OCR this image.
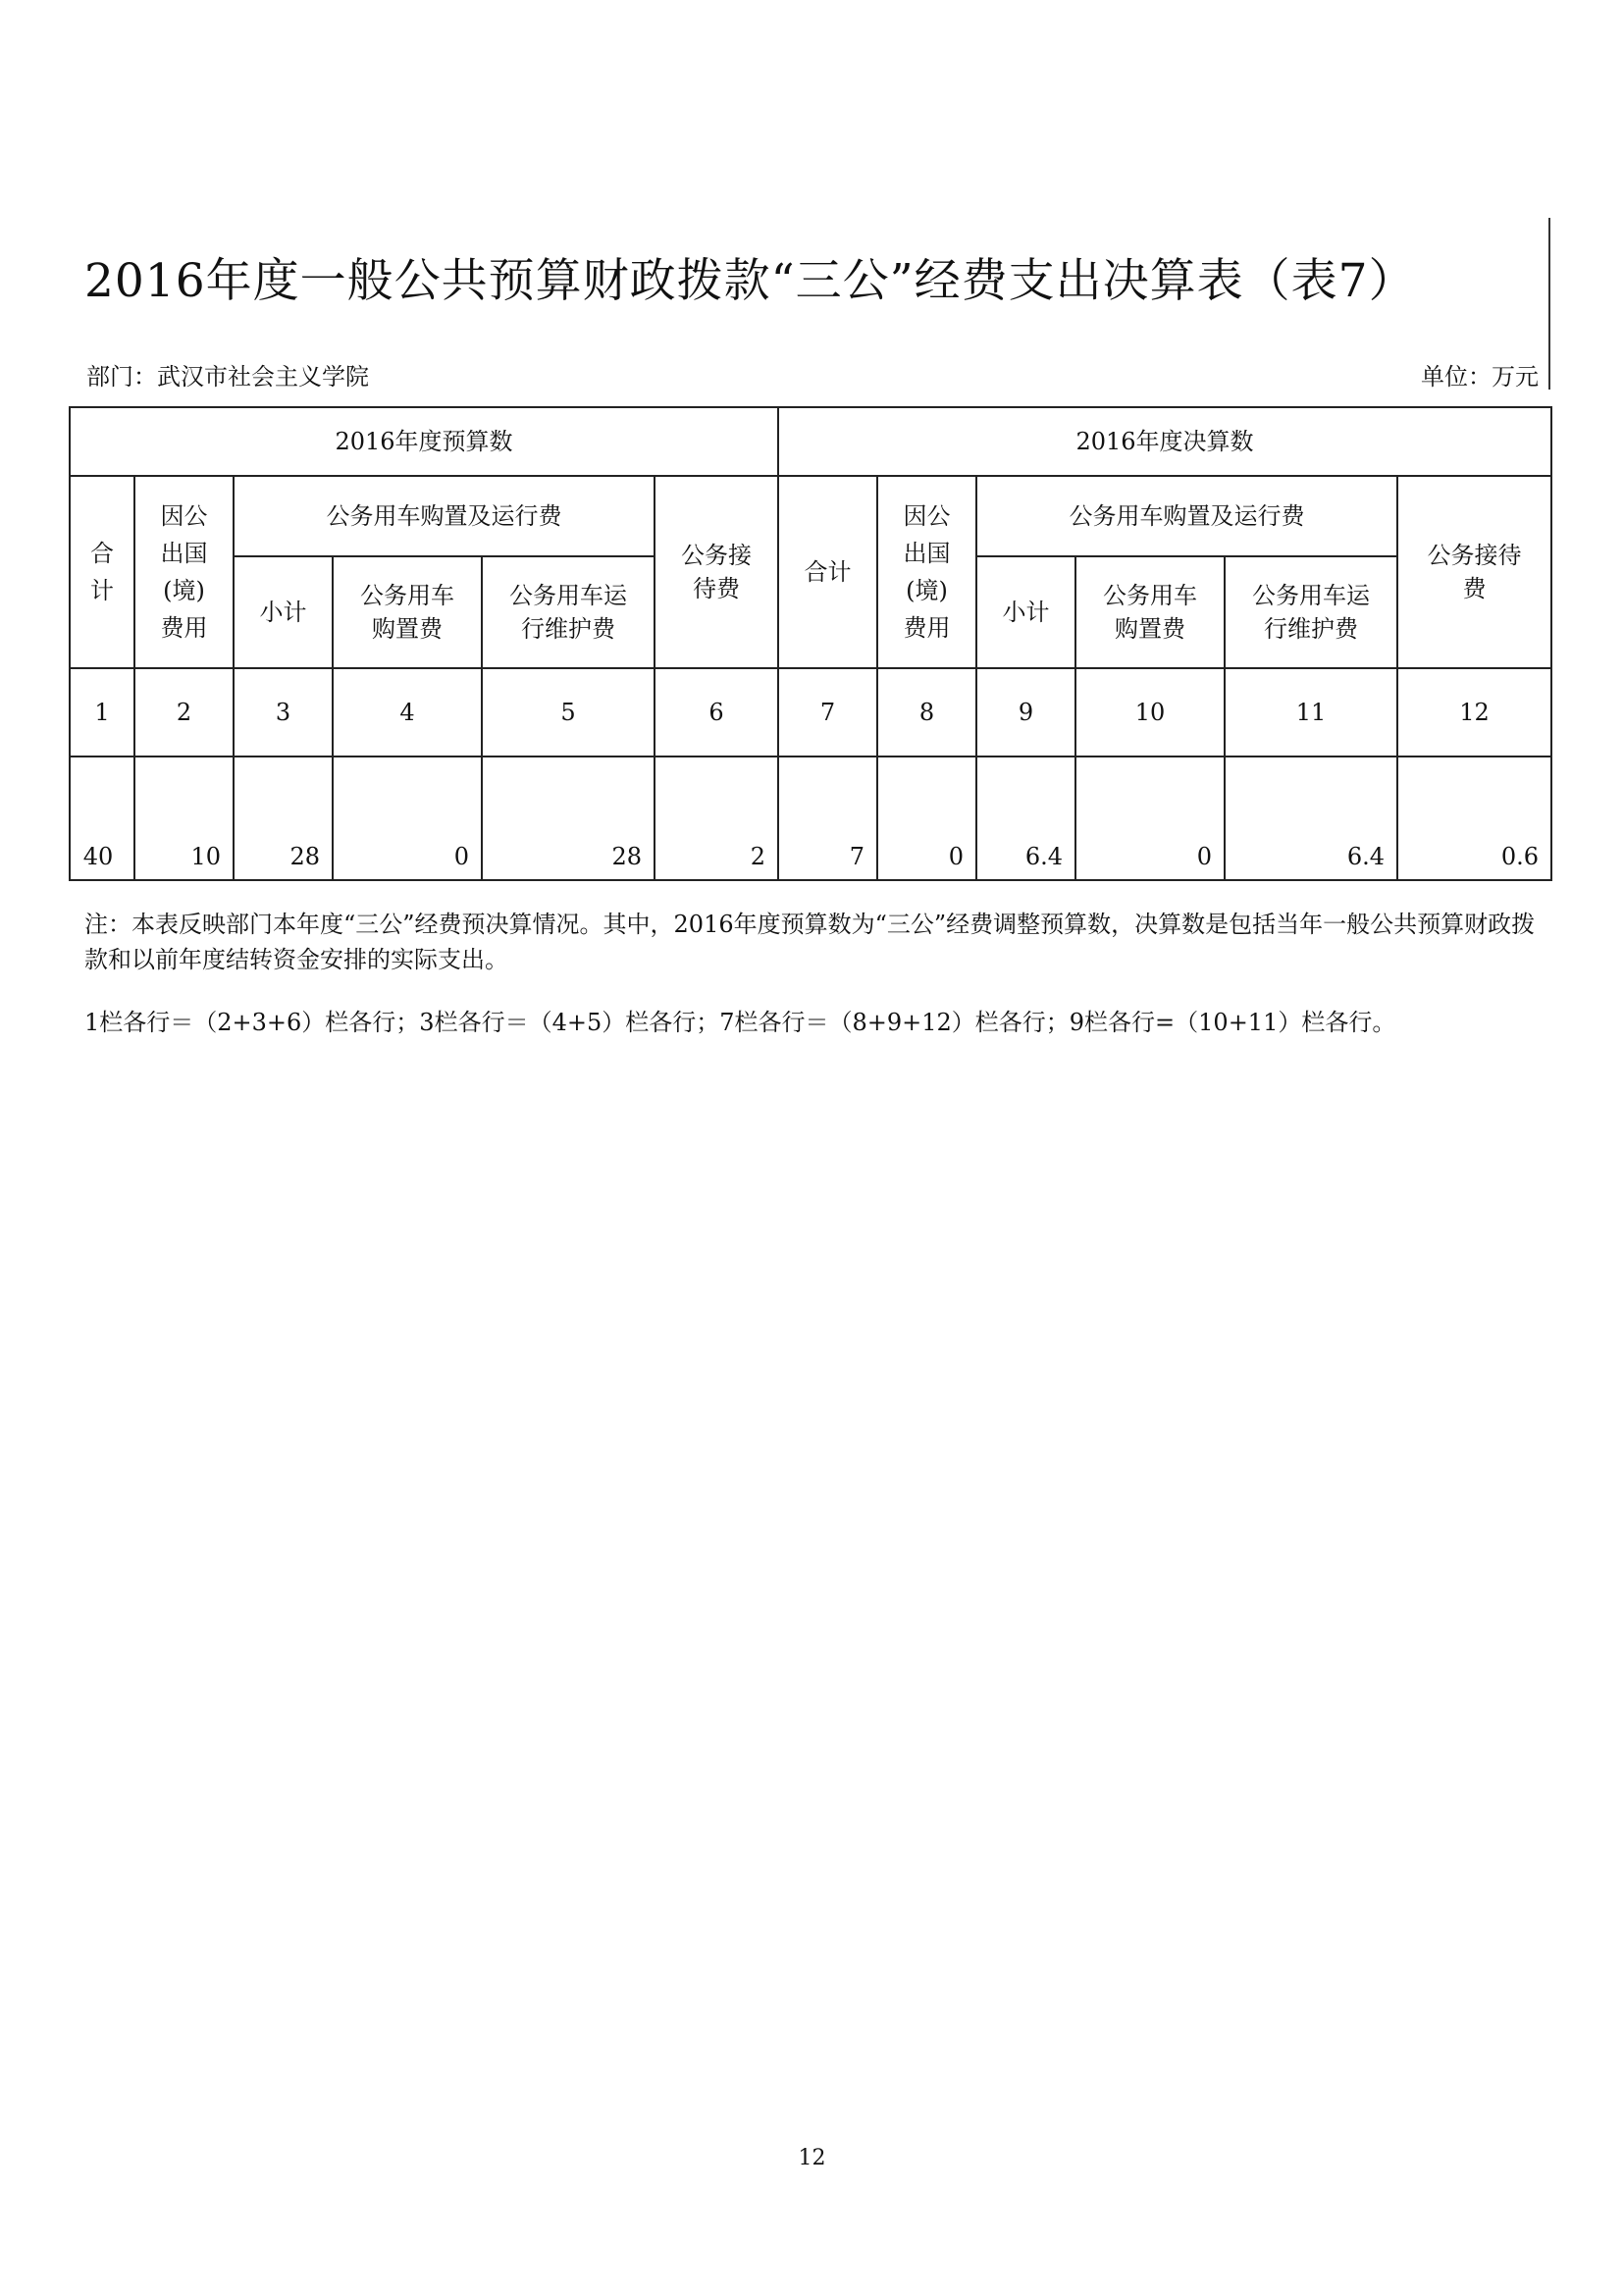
2016年度一般公共预算财政拨款“三公”经费支出决算表（表7）
部门：武汉市社会主义学院	单位：万元
2016年度预算数						2016年度决算数					
合计	因公出国(境)费用	公务用车购置及运行费			公务接待费	合计	因公出国(境)费用	公务用车购置及运行费			公务接待费
		小计	公务用车购置费	公务用车运行维护费				小计	公务用车购置费	公务用车运行维护费	
1	2	3	4	5	6	7	8	9	10	11	12
40	10	28	0	28	2	7	0	6.4	0	6.4	0.6
注：本表反映部门本年度“三公”经费预决算情况。其中，2016年度预算数为“三公”经费调整预算数，决算数是包括当年一般公共预算财政拨款和以前年度结转资金安排的实际支出。
1栏各行＝（2+3+6）栏各行；3栏各行＝（4+5）栏各行；7栏各行＝（8+9+12）栏各行；9栏各行=（10+11）栏各行。
12
